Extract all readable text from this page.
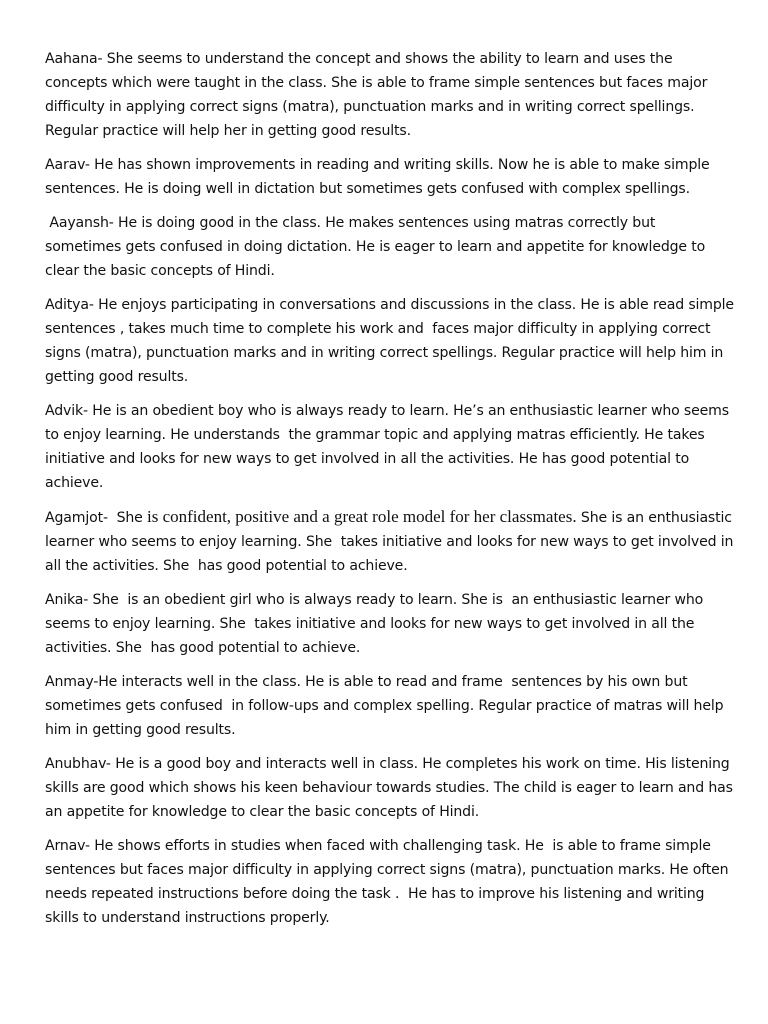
Aahana- She seems to understand the concept and shows the ability to learn and uses the concepts which were taught in the class. She is able to frame simple sentences but faces major difficulty in applying correct signs (matra), punctuation marks and in writing correct spellings. Regular practice will help her in getting good results.

Aarav- He has shown improvements in reading and writing skills. Now he is able to make simple sentences. He is doing well in dictation but sometimes gets confused with complex spellings.

Aayansh- He is doing good in the class. He makes sentences using matras correctly but sometimes gets confused in doing dictation. He is eager to learn and appetite for knowledge to clear the basic concepts of Hindi.

Aditya- He enjoys participating in conversations and discussions in the class. He is able read simple sentences , takes much time to complete his work and  faces major difficulty in applying correct signs (matra), punctuation marks and in writing correct spellings. Regular practice will help him in getting good results.

Advik- He is an obedient boy who is always ready to learn. He’s an enthusiastic learner who seems to enjoy learning. He understands  the grammar topic and applying matras efficiently. He takes initiative and looks for new ways to get involved in all the activities. He has good potential to achieve.

Agamjot-  She is confident, positive and a great role model for her classmates. She is an enthusiastic learner who seems to enjoy learning. She  takes initiative and looks for new ways to get involved in all the activities. She  has good potential to achieve.

Anika- She  is an obedient girl who is always ready to learn. She is  an enthusiastic learner who seems to enjoy learning. She  takes initiative and looks for new ways to get involved in all the activities. She  has good potential to achieve.

Anmay-He interacts well in the class. He is able to read and frame  sentences by his own but sometimes gets confused  in follow-ups and complex spelling. Regular practice of matras will help him in getting good results.

Anubhav- He is a good boy and interacts well in class. He completes his work on time. His listening skills are good which shows his keen behaviour towards studies. The child is eager to learn and has an appetite for knowledge to clear the basic concepts of Hindi.

Arnav- He shows efforts in studies when faced with challenging task. He  is able to frame simple sentences but faces major difficulty in applying correct signs (matra), punctuation marks. He often needs repeated instructions before doing the task .  He has to improve his listening and writing skills to understand instructions properly.
